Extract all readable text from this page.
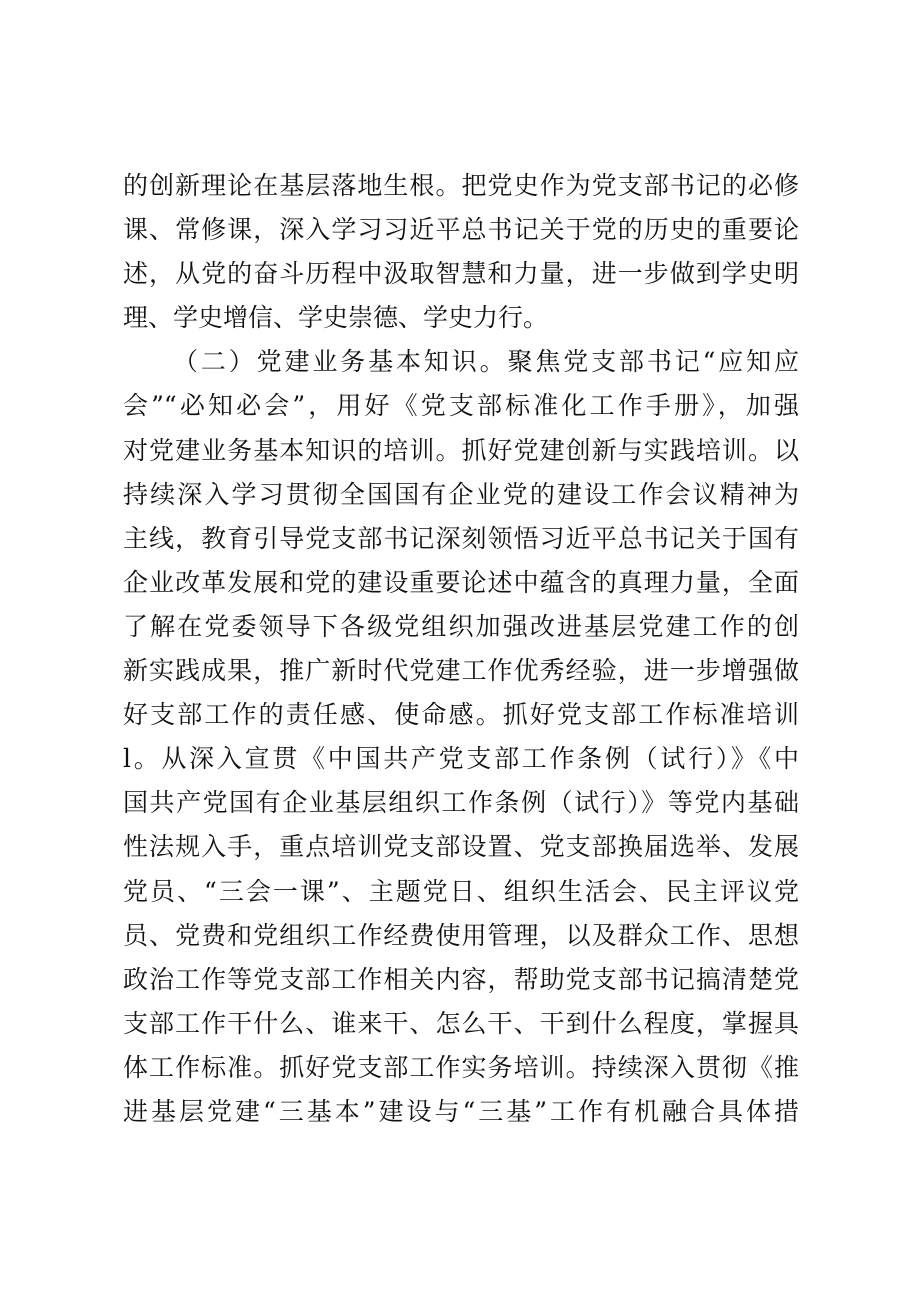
的创新理论在基层落地生根。把党史作为党支部书记的必修
课、常修课，深入学习习近平总书记关于党的历史的重要论
述，从党的奋斗历程中汲取智慧和力量，进一步做到学史明
理、学史增信、学史崇德、学史力行。
（二）党建业务基本知识。聚焦党支部书记“应知应
会”“必知必会”，用好《党支部标准化工作手册》，加强
对党建业务基本知识的培训。抓好党建创新与实践培训。以
持续深入学习贯彻全国国有企业党的建设工作会议精神为
主线，教育引导党支部书记深刻领悟习近平总书记关于国有
企业改革发展和党的建设重要论述中蕴含的真理力量，全面
了解在党委领导下各级党组织加强改进基层党建工作的创
新实践成果，推广新时代党建工作优秀经验，进一步增强做
好支部工作的责任感、使命感。抓好党支部工作标准培训
l。从深入宣贯《中国共产党支部工作条例（试行）》《中
国共产党国有企业基层组织工作条例（试行）》等党内基础
性法规入手，重点培训党支部设置、党支部换届选举、发展
党员、“三会一课”、主题党日、组织生活会、民主评议党
员、党费和党组织工作经费使用管理，以及群众工作、思想
政治工作等党支部工作相关内容，帮助党支部书记搞清楚党
支部工作干什么、谁来干、怎么干、干到什么程度，掌握具
体工作标准。抓好党支部工作实务培训。持续深入贯彻《推
进基层党建“三基本”建设与“三基”工作有机融合具体措
